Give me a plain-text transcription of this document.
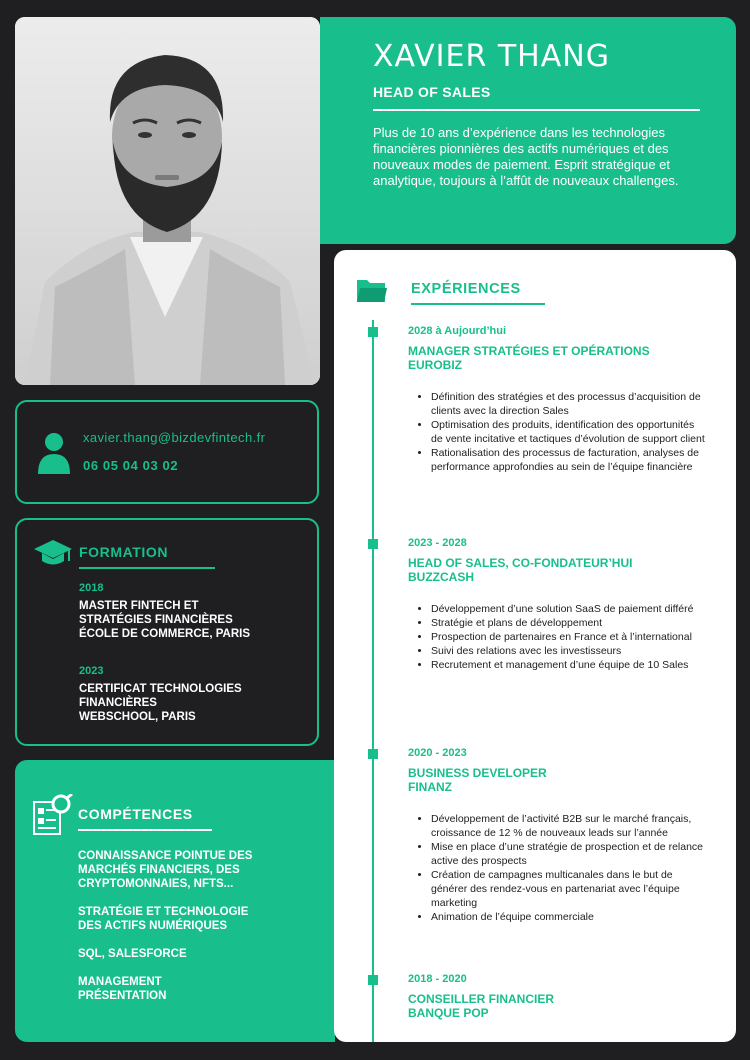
XAVIER THANG
HEAD OF SALES
Plus de 10 ans d’expérience dans les technologies financières pionnières des actifs numériques et des nouveaux modes de paiement. Esprit stratégique et analytique, toujours à l’affût de nouveaux challenges.
xavier.thang@bizdevfintech.fr
06 05 04 03 02
FORMATION
2018
MASTER FINTECH ET
STRATÉGIES FINANCIÈRES
ÉCOLE DE COMMERCE, PARIS
2023
CERTIFICAT TECHNOLOGIES
FINANCIÈRES
WEBSCHOOL, PARIS
COMPÉTENCES
CONNAISSANCE POINTUE DES
MARCHÉS FINANCIERS, DES
CRYPTOMONNAIES, NFTS...
STRATÉGIE ET TECHNOLOGIE
DES ACTIFS NUMÉRIQUES
SQL, SALESFORCE
MANAGEMENT
PRÉSENTATION
EXPÉRIENCES
2028 à Aujourd’hui
MANAGER STRATÉGIES ET OPÉRATIONS
EUROBIZ
• Définition des stratégies et des processus d’acquisition de clients avec la direction Sales
• Optimisation des produits, identification des opportunités de vente incitative et tactiques d’évolution de support client
• Rationalisation des processus de facturation, analyses de performance approfondies au sein de l’équipe financière
2023 - 2028
HEAD OF SALES, CO-FONDATEUR’HUI
BUZZCASH
• Développement d’une solution SaaS de paiement différé
• Stratégie et plans de développement
• Prospection de partenaires en France et à l’international
• Suivi des relations avec les investisseurs
• Recrutement et management d’une équipe de 10 Sales
2020 - 2023
BUSINESS DEVELOPER
FINANZ
• Développement de l’activité B2B sur le marché français, croissance de 12 % de nouveaux leads sur l’année
• Mise en place d’une stratégie de prospection et de relance active des prospects
• Création de campagnes multicanales dans le but de générer des rendez-vous en partenariat avec l’équipe marketing
• Animation de l’équipe commerciale
2018 - 2020
CONSEILLER FINANCIER
BANQUE POP
